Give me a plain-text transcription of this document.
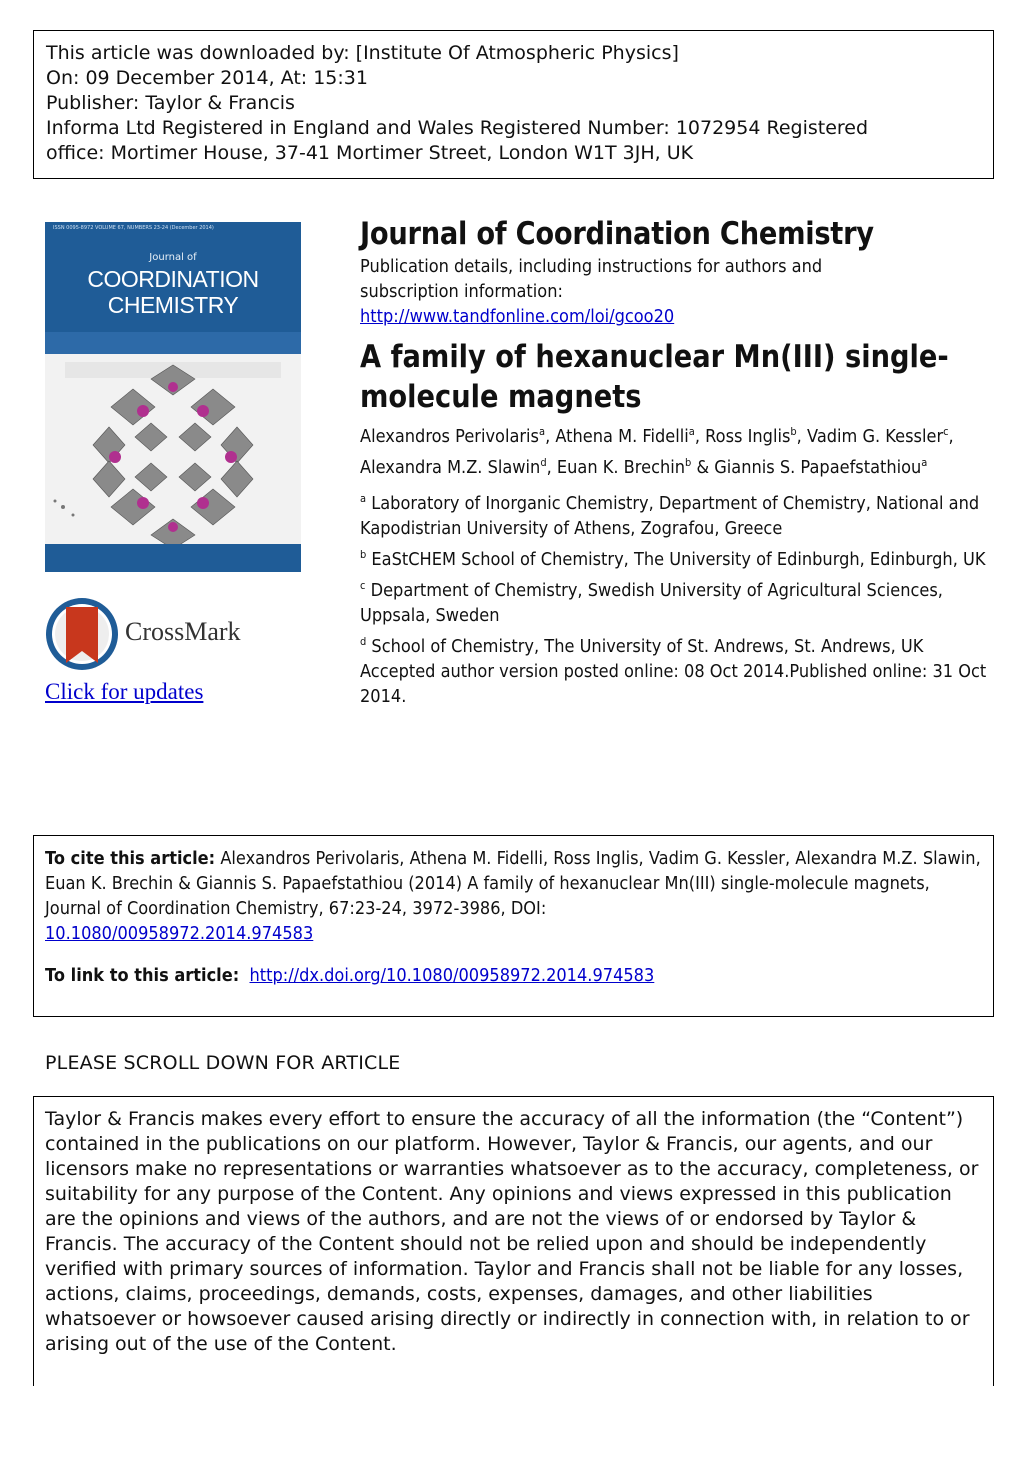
This article was downloaded by: [Institute Of Atmospheric Physics]
On: 09 December 2014, At: 15:31
Publisher: Taylor & Francis
Informa Ltd Registered in England and Wales Registered Number: 1072954 Registered
office: Mortimer House, 37-41 Mortimer Street, London W1T 3JH, UK
ISSN 0095-8972 VOLUME 67, NUMBERS 23-24 (December 2014)
Journal of
COORDINATION
CHEMISTRY
CrossMark
Click for updates
Journal of Coordination Chemistry
Publication details, including instructions for authors and
subscription information:
http://www.tandfonline.com/loi/gcoo20
A family of hexanuclear Mn(III) single-molecule magnets
Alexandros Perivolaris$^a$, Athena M. Fidelli$^a$, Ross Inglis$^b$, Vadim G. Kessler$^c$, Alexandra M.Z. Slawin$^d$, Euan K. Brechin$^b$ & Giannis S. Papaefstathiou$^a$
$^a$ Laboratory of Inorganic Chemistry, Department of Chemistry, National and Kapodistrian University of Athens, Zografou, Greece
$^b$ EaStCHEM School of Chemistry, The University of Edinburgh, Edinburgh, UK
$^c$ Department of Chemistry, Swedish University of Agricultural Sciences, Uppsala, Sweden
$^d$ School of Chemistry, The University of St. Andrews, St. Andrews, UK
Accepted author version posted online: 08 Oct 2014.Published online: 31 Oct 2014.
To cite this article: Alexandros Perivolaris, Athena M. Fidelli, Ross Inglis, Vadim G. Kessler, Alexandra M.Z. Slawin, Euan K. Brechin & Giannis S. Papaefstathiou (2014) A family of hexanuclear Mn(III) single-molecule magnets, Journal of Coordination Chemistry, 67:23-24, 3972-3986, DOI:
10.1080/00958972.2014.974583
To link to this article: http://dx.doi.org/10.1080/00958972.2014.974583
PLEASE SCROLL DOWN FOR ARTICLE

Taylor & Francis makes every effort to ensure the accuracy of all the information (the “Content”) contained in the publications on our platform. However, Taylor & Francis, our agents, and our licensors make no representations or warranties whatsoever as to the accuracy, completeness, or suitability for any purpose of the Content. Any opinions and views expressed in this publication are the opinions and views of the authors, and are not the views of or endorsed by Taylor & Francis. The accuracy of the Content should not be relied upon and should be independently verified with primary sources of information. Taylor and Francis shall not be liable for any losses, actions, claims, proceedings, demands, costs, expenses, damages, and other liabilities whatsoever or howsoever caused arising directly or indirectly in connection with, in relation to or arising out of the use of the Content.
